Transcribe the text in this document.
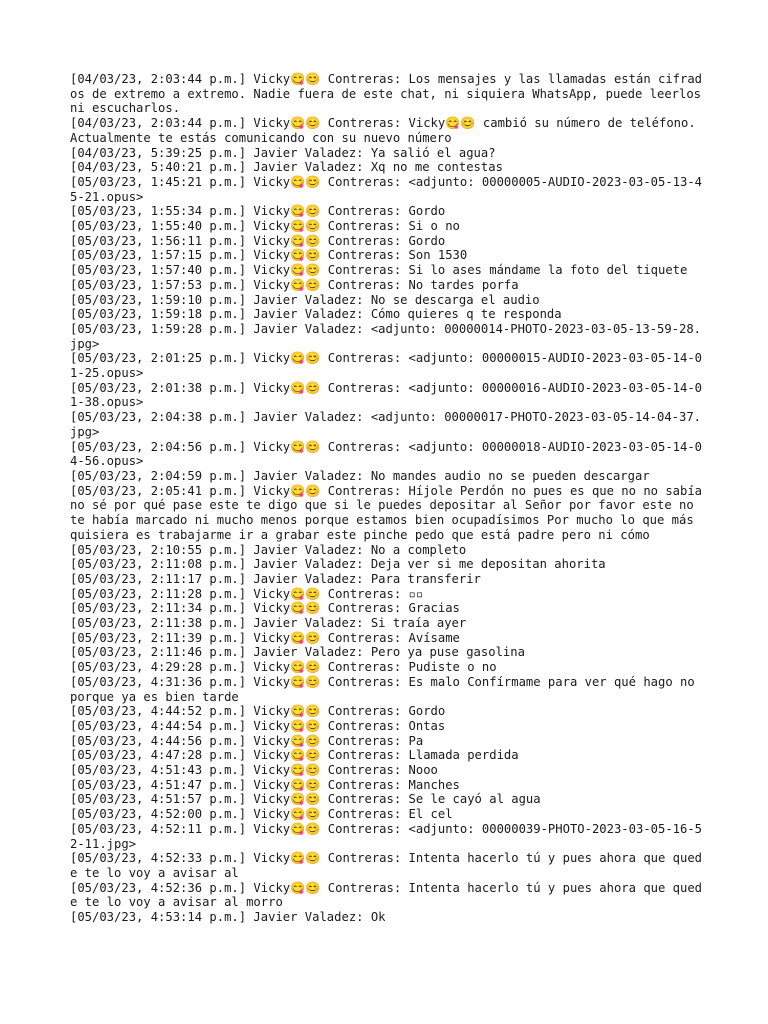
[04/03/23, 2:03:44 p.m.] Vicky😋😊 Contreras: Los mensajes y las llamadas están cifrados de extremo a extremo. Nadie fuera de este chat, ni siquiera WhatsApp, puede leerlos ni escucharlos.
[04/03/23, 2:03:44 p.m.] Vicky😋😊 Contreras: Vicky😋😊 cambió su número de teléfono. Actualmente te estás comunicando con su nuevo número
[04/03/23, 5:39:25 p.m.] Javier Valadez: Ya salió el agua?
[04/03/23, 5:40:21 p.m.] Javier Valadez: Xq no me contestas
[05/03/23, 1:45:21 p.m.] Vicky😋😊 Contreras: <adjunto: 00000005-AUDIO-2023-03-05-13-45-21.opus>
[05/03/23, 1:55:34 p.m.] Vicky😋😊 Contreras: Gordo
[05/03/23, 1:55:40 p.m.] Vicky😋😊 Contreras: Si o no
[05/03/23, 1:56:11 p.m.] Vicky😋😊 Contreras: Gordo
[05/03/23, 1:57:15 p.m.] Vicky😋😊 Contreras: Son 1530
[05/03/23, 1:57:40 p.m.] Vicky😋😊 Contreras: Si lo ases mándame la foto del tiquete
[05/03/23, 1:57:53 p.m.] Vicky😋😊 Contreras: No tardes porfa
[05/03/23, 1:59:10 p.m.] Javier Valadez: No se descarga el audio
[05/03/23, 1:59:18 p.m.] Javier Valadez: Cómo quieres q te responda
[05/03/23, 1:59:28 p.m.] Javier Valadez: <adjunto: 00000014-PHOTO-2023-03-05-13-59-28.jpg>
[05/03/23, 2:01:25 p.m.] Vicky😋😊 Contreras: <adjunto: 00000015-AUDIO-2023-03-05-14-01-25.opus>
[05/03/23, 2:01:38 p.m.] Vicky😋😊 Contreras: <adjunto: 00000016-AUDIO-2023-03-05-14-01-38.opus>
[05/03/23, 2:04:38 p.m.] Javier Valadez: <adjunto: 00000017-PHOTO-2023-03-05-14-04-37.jpg>
[05/03/23, 2:04:56 p.m.] Vicky😋😊 Contreras: <adjunto: 00000018-AUDIO-2023-03-05-14-04-56.opus>
[05/03/23, 2:04:59 p.m.] Javier Valadez: No mandes audio no se pueden descargar
[05/03/23, 2:05:41 p.m.] Vicky😋😊 Contreras: Híjole Perdón no pues es que no no sabía no sé por qué pase este te digo que si le puedes depositar al Señor por favor este no te había marcado ni mucho menos porque estamos bien ocupadísimos Por mucho lo que más quisiera es trabajarme ir a grabar este pinche pedo que está padre pero ni cómo
[05/03/23, 2:10:55 p.m.] Javier Valadez: No a completo
[05/03/23, 2:11:08 p.m.] Javier Valadez: Deja ver si me depositan ahorita
[05/03/23, 2:11:17 p.m.] Javier Valadez: Para transferir
[05/03/23, 2:11:28 p.m.] Vicky😋😊 Contreras: ▫▫
[05/03/23, 2:11:34 p.m.] Vicky😋😊 Contreras: Gracias
[05/03/23, 2:11:38 p.m.] Javier Valadez: Si traía ayer
[05/03/23, 2:11:39 p.m.] Vicky😋😊 Contreras: Avísame
[05/03/23, 2:11:46 p.m.] Javier Valadez: Pero ya puse gasolina
[05/03/23, 4:29:28 p.m.] Vicky😋😊 Contreras: Pudiste o no
[05/03/23, 4:31:36 p.m.] Vicky😋😊 Contreras: Es malo Confírmame para ver qué hago no porque ya es bien tarde
[05/03/23, 4:44:52 p.m.] Vicky😋😊 Contreras: Gordo
[05/03/23, 4:44:54 p.m.] Vicky😋😊 Contreras: Ontas
[05/03/23, 4:44:56 p.m.] Vicky😋😊 Contreras: Pa
[05/03/23, 4:47:28 p.m.] Vicky😋😊 Contreras: Llamada perdida
[05/03/23, 4:51:43 p.m.] Vicky😋😊 Contreras: Nooo
[05/03/23, 4:51:47 p.m.] Vicky😋😊 Contreras: Manches
[05/03/23, 4:51:57 p.m.] Vicky😋😊 Contreras: Se le cayó al agua
[05/03/23, 4:52:00 p.m.] Vicky😋😊 Contreras: El cel
[05/03/23, 4:52:11 p.m.] Vicky😋😊 Contreras: <adjunto: 00000039-PHOTO-2023-03-05-16-52-11.jpg>
[05/03/23, 4:52:33 p.m.] Vicky😋😊 Contreras: Intenta hacerlo tú y pues ahora que quede te lo voy a avisar al
[05/03/23, 4:52:36 p.m.] Vicky😋😊 Contreras: Intenta hacerlo tú y pues ahora que quede te lo voy a avisar al morro
[05/03/23, 4:53:14 p.m.] Javier Valadez: Ok
